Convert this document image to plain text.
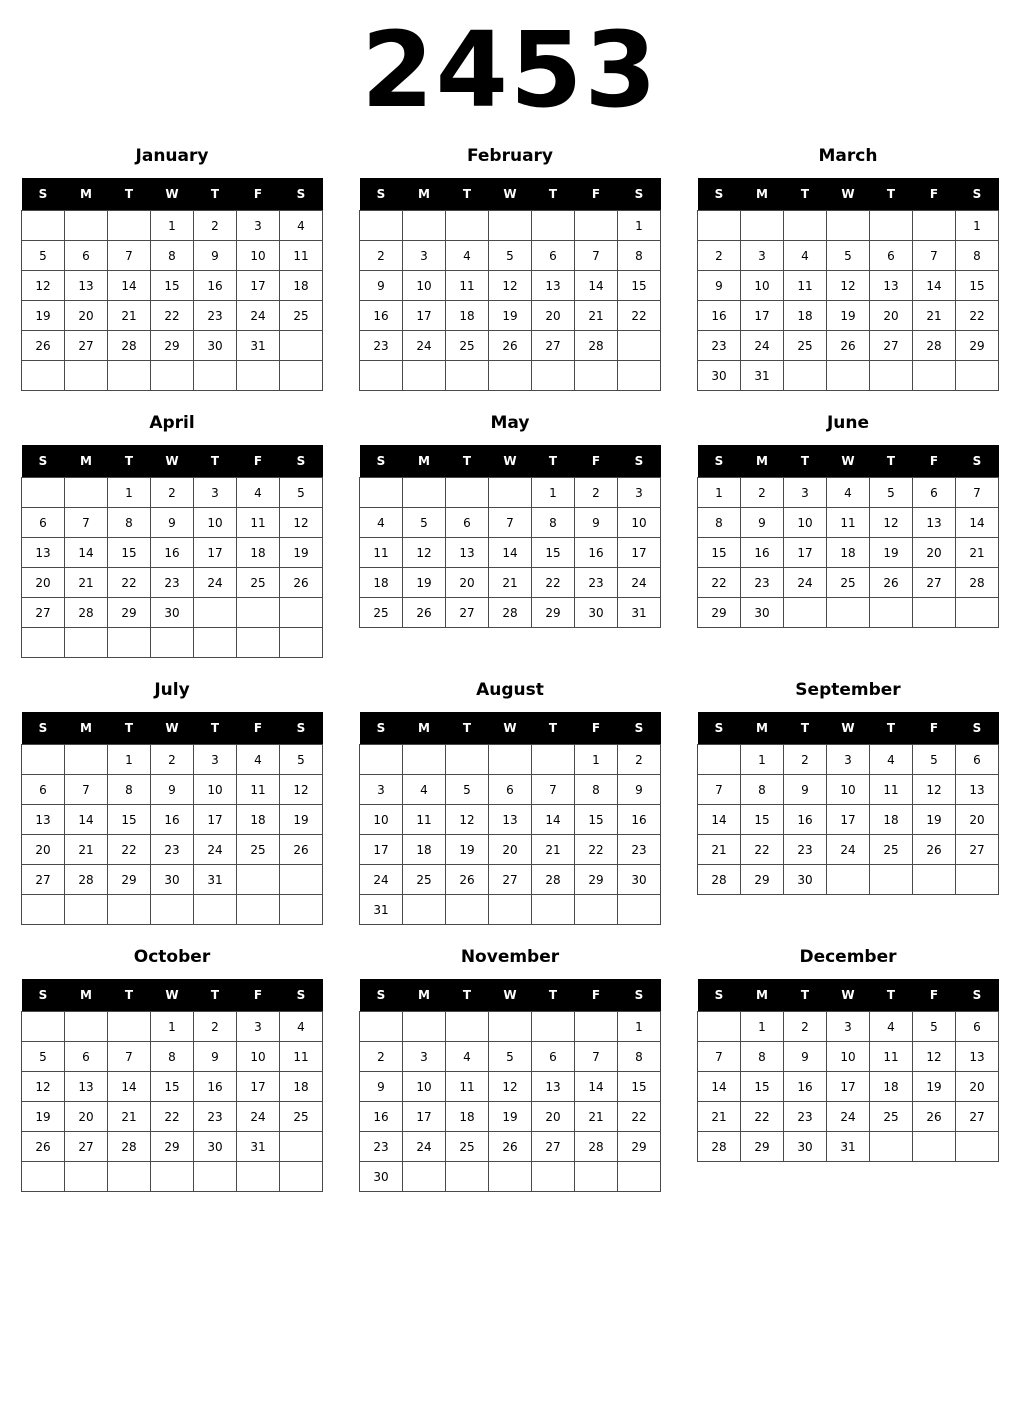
2453
January
S	M	T	W	T	F	S
			1	2	3	4
5	6	7	8	9	10	11
12	13	14	15	16	17	18
19	20	21	22	23	24	25
26	27	28	29	30	31	

February
S	M	T	W	T	F	S
						1
2	3	4	5	6	7	8
9	10	11	12	13	14	15
16	17	18	19	20	21	22
23	24	25	26	27	28	

March
S	M	T	W	T	F	S
						1
2	3	4	5	6	7	8
9	10	11	12	13	14	15
16	17	18	19	20	21	22
23	24	25	26	27	28	29
30	31					
April
S	M	T	W	T	F	S
		1	2	3	4	5
6	7	8	9	10	11	12
13	14	15	16	17	18	19
20	21	22	23	24	25	26
27	28	29	30			

May
S	M	T	W	T	F	S
				1	2	3
4	5	6	7	8	9	10
11	12	13	14	15	16	17
18	19	20	21	22	23	24
25	26	27	28	29	30	31
June
S	M	T	W	T	F	S
1	2	3	4	5	6	7
8	9	10	11	12	13	14
15	16	17	18	19	20	21
22	23	24	25	26	27	28
29	30					
July
S	M	T	W	T	F	S
		1	2	3	4	5
6	7	8	9	10	11	12
13	14	15	16	17	18	19
20	21	22	23	24	25	26
27	28	29	30	31		

August
S	M	T	W	T	F	S
					1	2
3	4	5	6	7	8	9
10	11	12	13	14	15	16
17	18	19	20	21	22	23
24	25	26	27	28	29	30
31						
September
S	M	T	W	T	F	S
	1	2	3	4	5	6
7	8	9	10	11	12	13
14	15	16	17	18	19	20
21	22	23	24	25	26	27
28	29	30				
October
S	M	T	W	T	F	S
			1	2	3	4
5	6	7	8	9	10	11
12	13	14	15	16	17	18
19	20	21	22	23	24	25
26	27	28	29	30	31	

November
S	M	T	W	T	F	S
						1
2	3	4	5	6	7	8
9	10	11	12	13	14	15
16	17	18	19	20	21	22
23	24	25	26	27	28	29
30						
December
S	M	T	W	T	F	S
	1	2	3	4	5	6
7	8	9	10	11	12	13
14	15	16	17	18	19	20
21	22	23	24	25	26	27
28	29	30	31			
